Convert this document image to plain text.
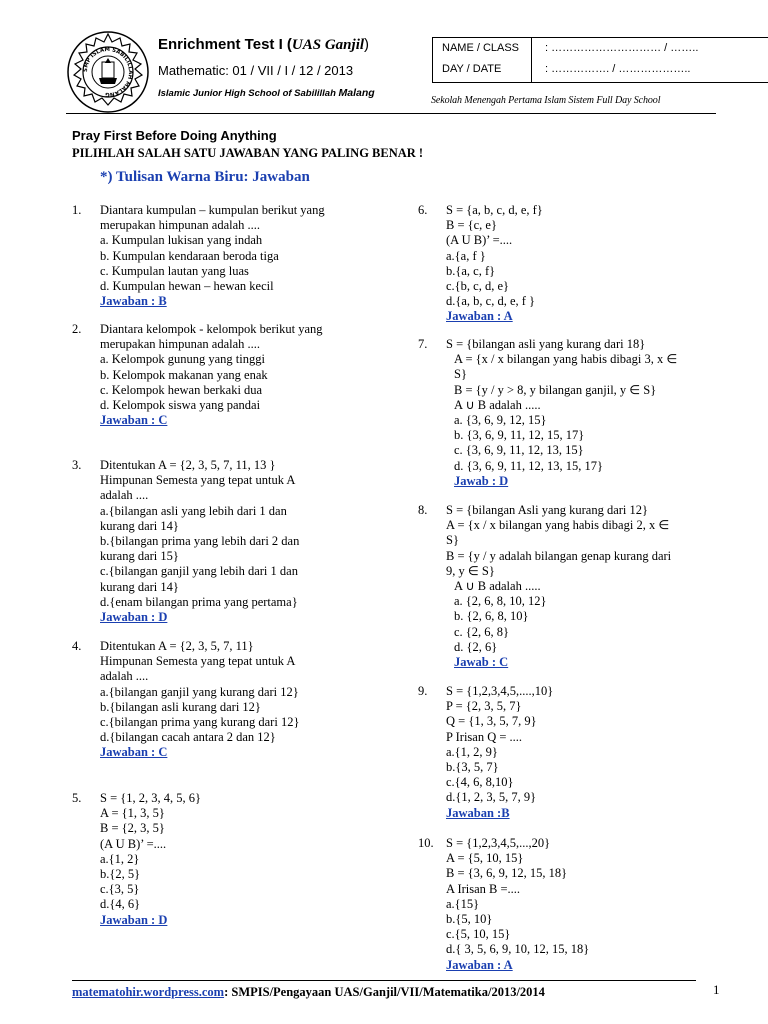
SMP ISLAM SABILILLAH MALANG
Enrichment Test I (UAS Ganjil)
Mathematic: 01 / VII / I / 12 / 2013
Islamic Junior High School of Sabilillah Malang
NAME / CLASS : ………………………… / ……..
DAY / DATE	: ……………. / ………………..
Sekolah Menengah Pertama Islam Sistem Full Day School
Pray First Before Doing Anything
PILIHLAH SALAH SATU JAWABAN YANG PALING BENAR !
*) Tulisan Warna Biru: Jawaban
1. Diantara kumpulan – kumpulan berikut yang
merupakan himpunan adalah ....
a. Kumpulan lukisan yang indah
b. Kumpulan kendaraan beroda tiga
c. Kumpulan lautan yang luas
d. Kumpulan hewan – hewan kecil
Jawaban : B
2. Diantara kelompok - kelompok berikut yang
merupakan himpunan adalah ....
a. Kelompok gunung yang tinggi
b. Kelompok makanan yang enak
c. Kelompok hewan berkaki dua
d. Kelompok siswa yang pandai
Jawaban : C
3. Ditentukan A = {2, 3, 5, 7, 11, 13 }
Himpunan Semesta yang tepat untuk A
adalah ....
a.{bilangan asli yang lebih dari 1 dan
kurang dari 14}
b.{bilangan prima yang lebih dari 2 dan
kurang dari 15}
c.{bilangan ganjil yang lebih dari 1 dan
kurang dari 14}
d.{enam bilangan prima yang pertama}
Jawaban : D
4. Ditentukan A = {2, 3, 5, 7, 11}
Himpunan Semesta yang tepat untuk A
adalah ....
a.{bilangan ganjil yang kurang dari 12}
b.{bilangan asli kurang dari 12}
c.{bilangan prima yang kurang dari 12}
d.{bilangan cacah antara 2 dan 12}
Jawaban : C
5. S = {1, 2, 3, 4, 5, 6}
A = {1, 3, 5}
B = {2, 3, 5}
(A U B)’ =....
a.{1, 2}
b.{2, 5}
c.{3, 5}
d.{4, 6}
Jawaban : D
6. S = {a, b, c, d, e, f}
B = {c, e}
(A U B)’ =....
a.{a, f }
b.{a, c, f}
c.{b, c, d, e}
d.{a, b, c, d, e, f }
Jawaban : A
7. S = {bilangan asli yang kurang dari 18}
A = {x / x bilangan yang habis dibagi 3, x ∈
S}
B = {y / y > 8, y bilangan ganjil, y ∈ S}
A ∪ B adalah .....
a. {3, 6, 9, 12, 15}
b. {3, 6, 9, 11, 12, 15, 17}
c. {3, 6, 9, 11, 12, 13, 15}
d. {3, 6, 9, 11, 12, 13, 15, 17}
Jawab : D
8. S = {bilangan Asli yang kurang dari 12}
A = {x / x bilangan yang habis dibagi 2, x ∈
S}
B = {y / y adalah bilangan genap kurang dari
9, y ∈ S}
A ∪ B adalah .....
a. {2, 6, 8, 10, 12}
b. {2, 6, 8, 10}
c. {2, 6, 8}
d. {2, 6}
Jawab : C
9. S = {1,2,3,4,5,....,10}
P = {2, 3, 5, 7}
Q = {1, 3, 5, 7, 9}
P Irisan Q = ....
a.{1, 2, 9}
b.{3, 5, 7}
c.{4, 6, 8,10}
d.{1, 2, 3, 5, 7, 9}
Jawaban :B
10. S = {1,2,3,4,5,...,20}
A = {5, 10, 15}
B = {3, 6, 9, 12, 15, 18}
A Irisan B =....
a.{15}
b.{5, 10}
c.{5, 10, 15}
d.{ 3, 5, 6, 9, 10, 12, 15, 18}
Jawaban : A
matematohir.wordpress.com: SMPIS/Pengayaan UAS/Ganjil/VII/Matematika/2013/2014	1
